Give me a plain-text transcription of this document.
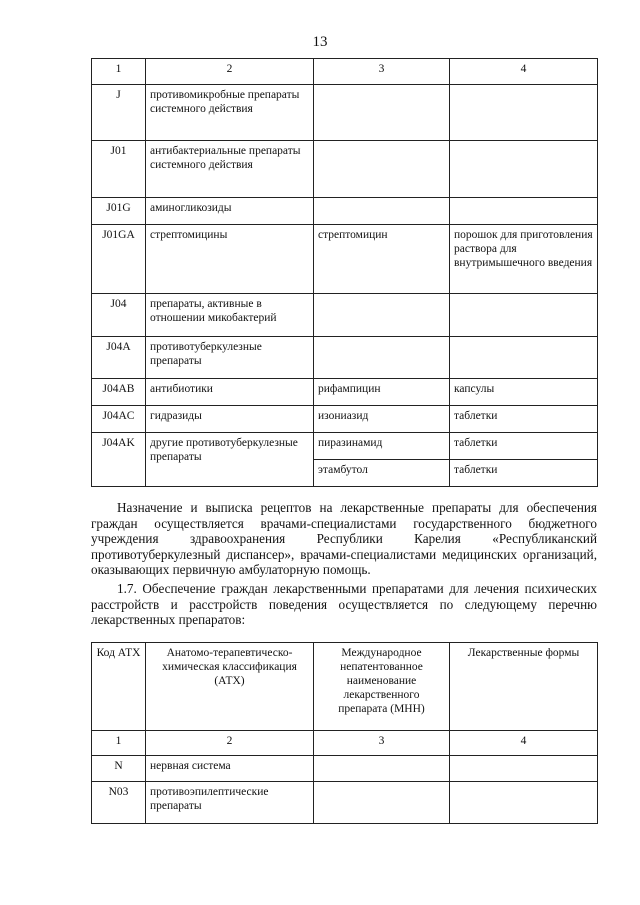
13
1	2	3	4
J	противомикробные препараты системного действия		
J01	антибактериальные препараты системного действия		
J01G	аминогликозиды		
J01GA	стрептомицины	стрептомицин	порошок для приготовления раствора для внутримышечного введения
J04	препараты, активные в отношении микобактерий		
J04A	противотуберкулезные препараты		
J04AB	антибиотики	рифампицин	капсулы
J04AC	гидразиды	изониазид	таблетки
J04AK	другие противотуберкулезные препараты	пиразинамид	таблетки
		этамбутол	таблетки
Назначение и выписка рецептов на лекарственные препараты для обеспечения граждан осуществляется врачами-специалистами государственного бюджетного учреждения здравоохранения Республики Карелия «Республиканский противотуберкулезный диспансер», врачами-специалистами медицинских организаций, оказывающих первичную амбулаторную помощь.
1.7. Обеспечение граждан лекарственными препаратами для лечения психических расстройств и расстройств поведения осуществляется по следующему перечню лекарственных препаратов:
Код АТХ	Анатомо-терапевтическо-химическая классификация (АТХ)	Международное непатентованное наименование лекарственного препарата (МНН)	Лекарственные формы
1	2	3	4
N	нервная система		
N03	противоэпилептические препараты		
